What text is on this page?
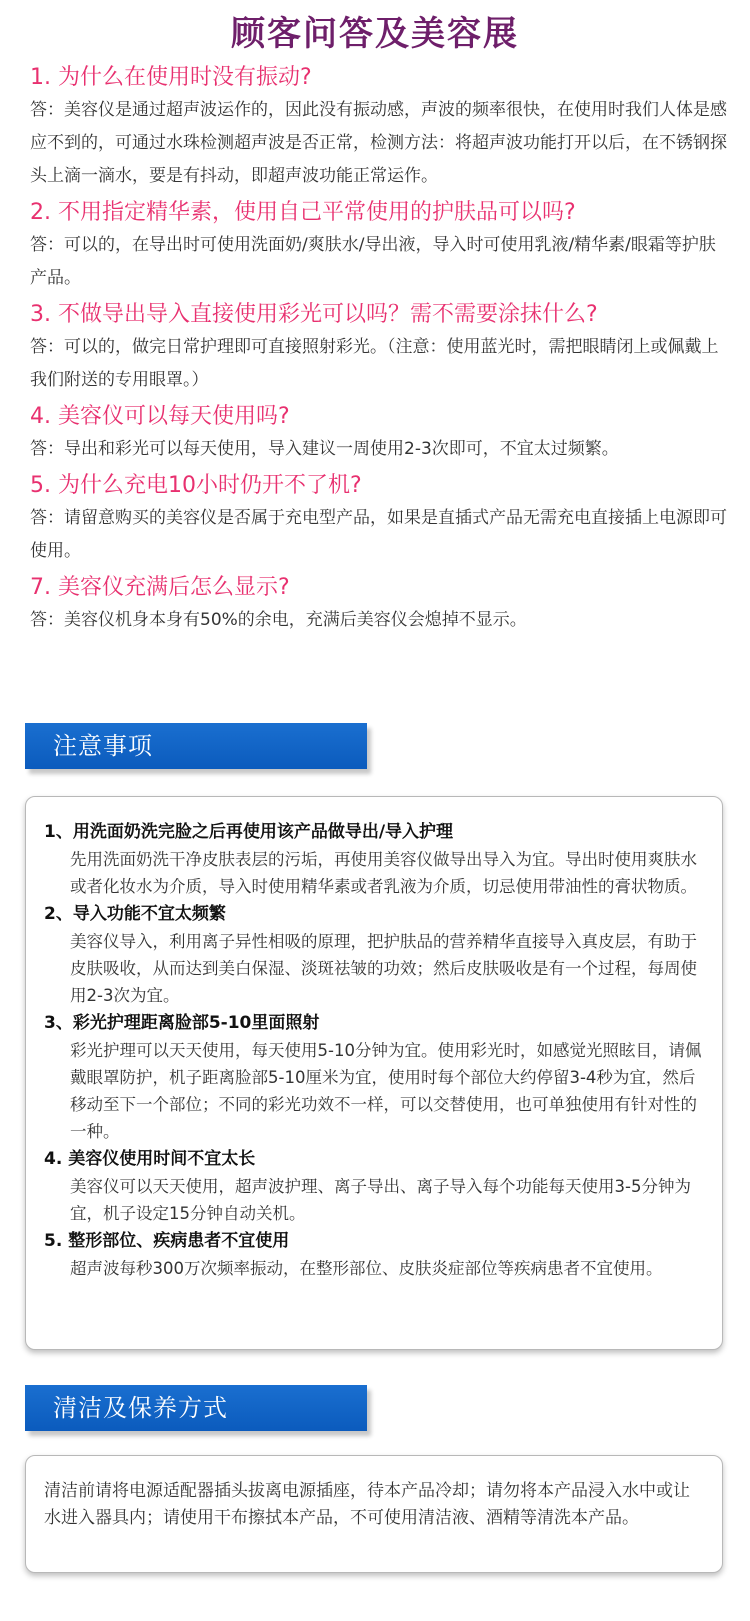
顾客问答及美容展
1. 为什么在使用时没有振动?
答：美容仪是通过超声波运作的，因此没有振动感，声波的频率很快，在使用时我们人体是感应不到的，可通过水珠检测超声波是否正常，检测方法：将超声波功能打开以后，在不锈钢探头上滴一滴水，要是有抖动，即超声波功能正常运作。
2. 不用指定精华素，使用自己平常使用的护肤品可以吗?
答：可以的，在导出时可使用洗面奶/爽肤水/导出液，导入时可使用乳液/精华素/眼霜等护肤产品。
3. 不做导出导入直接使用彩光可以吗？需不需要涂抹什么?
答：可以的，做完日常护理即可直接照射彩光。（注意：使用蓝光时，需把眼睛闭上或佩戴上我们附送的专用眼罩。）
4. 美容仪可以每天使用吗?
答：导出和彩光可以每天使用，导入建议一周使用2-3次即可，不宜太过频繁。
5. 为什么充电10小时仍开不了机?
答：请留意购买的美容仪是否属于充电型产品，如果是直插式产品无需充电直接插上电源即可使用。
7. 美容仪充满后怎么显示?
答：美容仪机身本身有50%的余电，充满后美容仪会熄掉不显示。
注意事项
1、用洗面奶洗完脸之后再使用该产品做导出/导入护理
先用洗面奶洗干净皮肤表层的污垢，再使用美容仪做导出导入为宜。导出时使用爽肤水或者化妆水为介质，导入时使用精华素或者乳液为介质，切忌使用带油性的膏状物质。
2、导入功能不宜太频繁
美容仪导入，利用离子异性相吸的原理，把护肤品的营养精华直接导入真皮层，有助于皮肤吸收，从而达到美白保湿、淡斑祛皱的功效；然后皮肤吸收是有一个过程，每周使用2-3次为宜。
3、彩光护理距离脸部5-10里面照射
彩光护理可以天天使用，每天使用5-10分钟为宜。使用彩光时，如感觉光照眩目，请佩戴眼罩防护，机子距离脸部5-10厘米为宜，使用时每个部位大约停留3-4秒为宜，然后移动至下一个部位；不同的彩光功效不一样，可以交替使用，也可单独使用有针对性的一种。
4. 美容仪使用时间不宜太长
美容仪可以天天使用，超声波护理、离子导出、离子导入每个功能每天使用3-5分钟为宜，机子设定15分钟自动关机。
5. 整形部位、疾病患者不宜使用
超声波每秒300万次频率振动，在整形部位、皮肤炎症部位等疾病患者不宜使用。
清洁及保养方式
清洁前请将电源适配器插头拔离电源插座，待本产品冷却；请勿将本产品浸入水中或让水进入器具内；请使用干布擦拭本产品，不可使用清洁液、酒精等清洗本产品。
